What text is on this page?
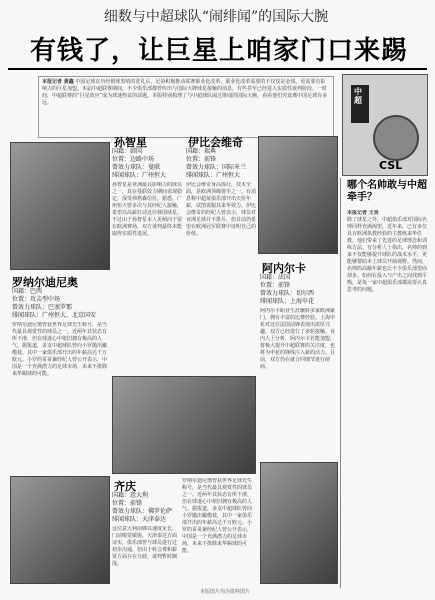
细数与中超球队“闹绯闻”的国际大腕
有钱了，让巨星上咱家门口来踢
本报记者 黄鑫 中国足球在历经假球黑哨的洗礼后，足协积极推动联赛职业化改革，职业化改革需要的不仅仅是金钱，更需要有影响力的巨星加盟。本届中超联赛期间，不少俱乐部都曾传出与国际大牌球星接触的消息，有些甚至已经进入实质性谈判阶段。一时间，中超联赛的“巨星效应”成为球迷热议的话题。本版特别梳理了与中超球队闹过绯闻的国际大腕，看看他们究竟离中国足球有多远。
中超
CSL
孙智星
国籍：韩国
位置：边路中场
曾效力球队：曼联
绯闻球队：广州恒大
孙智星是亚洲最具影响力的球员之一，其在曼联效力期间表现稳定，深受弗格森信任。据悉，广州恒大曾多次与其经纪人接触，希望以高薪打动这位韩国球星。不过由于孙智星本人更倾向于留在欧洲赛场，双方谈判最终未能取得实质性进展。
伊比会维奇
国籍：瑞典
位置：前锋
曾效力球队：国际米兰
绯闻球队：广州恒大
伊比会维奇身高体壮，技术全面，是欧洲顶级射手之一。有消息称中超某俱乐部开出天价年薪，试图说服其来华效力。伊比会维奇的经纪人曾表示，球员对亚洲足球并不排斥，但目前仍希望在欧洲冠军联赛中证明自己的价值。
罗纳尔迪尼奥
国籍：巴西
位置：攻击型中场
曾效力球队：巴塞罗那
绯闻球队：广州恒大、北京国安
罗纳尔迪尼奥曾获世界足球先生称号，是当代最具观赏性的球员之一。近两年其状态有所下滑，但在球迷心中依旧拥有极高的人气。据报道，多支中超球队曾向小罗抛出橄榄枝，其中一家俱乐部开出的年薪高达千万欧元。小罗的哥哥兼经纪人曾公开表示，中国是一个充满潜力的足球市场，未来不排除来华踢球的可能。
阿内尔卡
国籍：法国
位置：前锋
曾效力球队：切尔西
绯闻球队：上海申花
阿内尔卡职业生涯辗转多家欧洲豪门，拥有丰富的比赛经验。上海申花对这位法国前锋表现出浓厚兴趣，双方已经进行了多轮接触。业内人士分析，阿内尔卡若能加盟，将极大提升中超联赛的关注度，也将为申花的锋线注入新的活力。目前，双方仍在就合同细节进行磋商。
齐庆
国籍：意大利
位置：前锋
曾效力球队：佛罗伦萨
绯闻球队：天津泰达
这位意大利前锋以速度见长，门前嗅觉敏锐。天津泰达方面证实，俱乐部曾与球员进行过初步沟通，但由于转会费和薪资方面存在分歧，谈判暂时搁浅。
罗纳尔迪尼奥曾获世界足球先生称号，是当代最具观赏性的球员之一。近两年其状态有所下滑，但在球迷心中依旧拥有极高的人气。据报道，多支中超球队曾向小罗抛出橄榄枝，其中一家俱乐部开出的年薪高达千万欧元。小罗的哥哥兼经纪人曾公开表示，中国是一个充满潜力的足球市场，未来不排除来华踢球的可能。
哪个名帅敢与中超牵手？
本报记者 王昊
除了球星之外，中超俱乐部对国际名帅同样充满渴望。近年来，已有多位具有欧洲执教经验的主教练来华任教，他们带来了先进的足球理念和训练方法。有分析人士指出，名帅的到来不仅能够提升球队的战术水平，更能够帮助本土球员开阔视野。然而，名帅的高额年薪也让不少俱乐部望而却步。如何在投入与产出之间找到平衡，是每一家中超俱乐部都需要认真思考的问题。
本版图片均为资料图片
